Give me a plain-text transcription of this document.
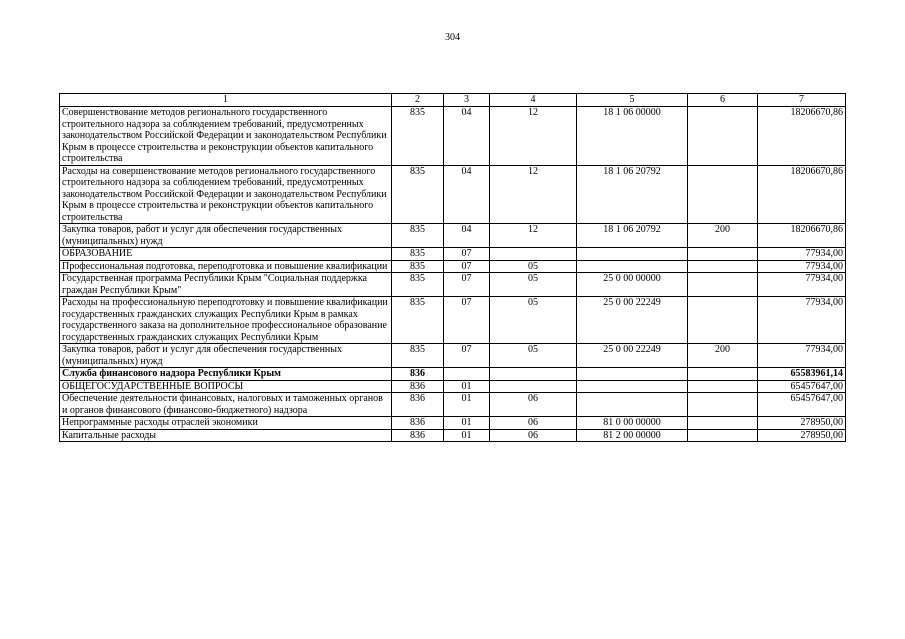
304
1	2	3	4	5	6	7
Совершенствование методов регионального государственного строительного надзора за соблюдением требований, предусмотренных законодательством Российской Федерации и законодательством Республики Крым в процессе строительства и реконструкции объектов капитального строительства	835	04	12	18 1 06 00000		18206670,86
Расходы на совершенствование методов регионального государственного строительного надзора за соблюдением требований, предусмотренных законодательством Российской Федерации и законодательством Республики Крым в процессе строительства и реконструкции объектов капитального строительства	835	04	12	18 1 06 20792		18206670,86
Закупка товаров, работ и услуг для обеспечения государственных (муниципальных) нужд	835	04	12	18 1 06 20792	200	18206670,86
ОБРАЗОВАНИЕ	835	07				77934,00
Профессиональная подготовка, переподготовка и повышение квалификации	835	07	05			77934,00
Государственная программа Республики Крым "Социальная поддержка граждан Республики Крым"	835	07	05	25 0 00 00000		77934,00
Расходы на профессиональную переподготовку и повышение квалификации государственных гражданских служащих Республики Крым в рамках государственного заказа на дополнительное профессиональное образование государственных гражданских служащих Республики Крым	835	07	05	25 0 00 22249		77934,00
Закупка товаров, работ и услуг для обеспечения государственных (муниципальных) нужд	835	07	05	25 0 00 22249	200	77934,00
Служба финансового надзора Республики Крым	836					65583961,14
ОБЩЕГОСУДАРСТВЕННЫЕ ВОПРОСЫ	836	01				65457647,00
Обеспечение деятельности финансовых, налоговых и таможенных органов и органов финансового (финансово-бюджетного) надзора	836	01	06			65457647,00
Непрограммные расходы отраслей экономики	836	01	06	81 0 00 00000		278950,00
Капитальные расходы	836	01	06	81 2 00 00000		278950,00
